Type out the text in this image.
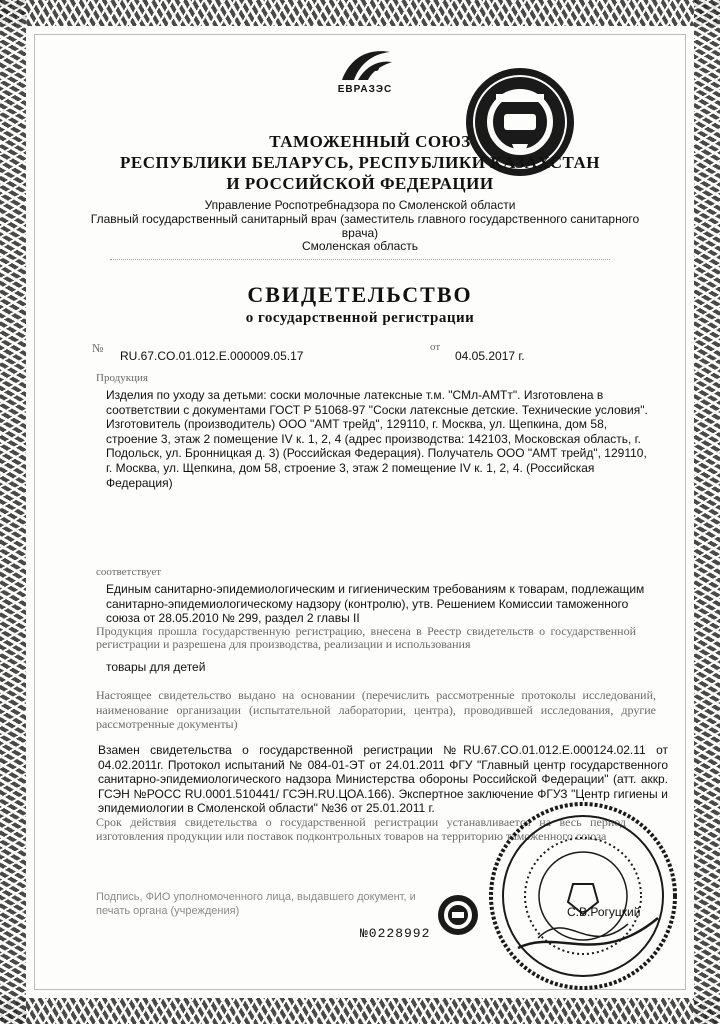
ЕВРАЗЭС
ТАМОЖЕННЫЙ СОЮЗ
РЕСПУБЛИКИ БЕЛАРУСЬ, РЕСПУБЛИКИ КАЗАХСТАН
И РОССИЙСКОЙ ФЕДЕРАЦИИ
Управление Роспотребнадзора по Смоленской области
Главный государственный санитарный врач (заместитель главного государственного санитарного
врача)
Смоленская область
СВИДЕТЕЛЬСТВО
о государственной регистрации
№
RU.67.CO.01.012.E.000009.05.17
от
04.05.2017 г.
Продукция
Изделия по уходу за детьми: соски молочные латексные т.м. "СМл-АМТт". Изготовлена в соответствии с документами ГОСТ Р 51068-97 "Соски латексные детские. Технические условия". Изготовитель (производитель) ООО "АМТ трейд", 129110, г. Москва, ул. Щепкина, дом 58, строение 3, этаж 2 помещение IV к. 1, 2, 4 (адрес производства: 142103, Московская область, г. Подольск, ул. Бронницкая д. 3) (Российская Федерация). Получатель ООО "АМТ трейд", 129110, г. Москва, ул. Щепкина, дом 58, строение 3, этаж 2 помещение IV к. 1, 2, 4. (Российская Федерация)
соответствует
Единым санитарно-эпидемиологическим и гигиеническим требованиям к товарам, подлежащим санитарно-эпидемиологическому надзору (контролю), утв. Решением Комиссии таможенного союза от 28.05.2010 № 299, раздел 2 главы II
Продукция прошла государственную регистрацию, внесена в Реестр свидетельств о государственной регистрации и разрешена для производства, реализации и использования
товары для детей
Настоящее свидетельство выдано на основании (перечислить рассмотренные протоколы исследований, наименование организации (испытательной лаборатории, центра), проводившей исследования, другие рассмотренные документы)
Взамен свидетельства о государственной регистрации №RU.67.CO.01.012.E.000124.02.11 от 04.02.2011г. Протокол испытаний № 084-01-ЭТ от 24.01.2011 ФГУ "Главный центр государственного санитарно-эпидемиологического надзора Министерства обороны Российской Федерации" (атт. аккр. ГСЭН №РОСС RU.0001.510441/ ГСЭН.RU.ЦОА.166). Экспертное заключение ФГУЗ "Центр гигиены и эпидемиологии в Смоленской области" №36 от 25.01.2011 г.
Срок действия свидетельства о государственной регистрации устанавливается на весь период изготовления продукции или поставок подконтрольных товаров на территорию таможенного союза
Подпись, ФИО уполномоченного лица, выдавшего документ, и печать органа (учреждения)	С.В.Рогуцкий
№0228992
